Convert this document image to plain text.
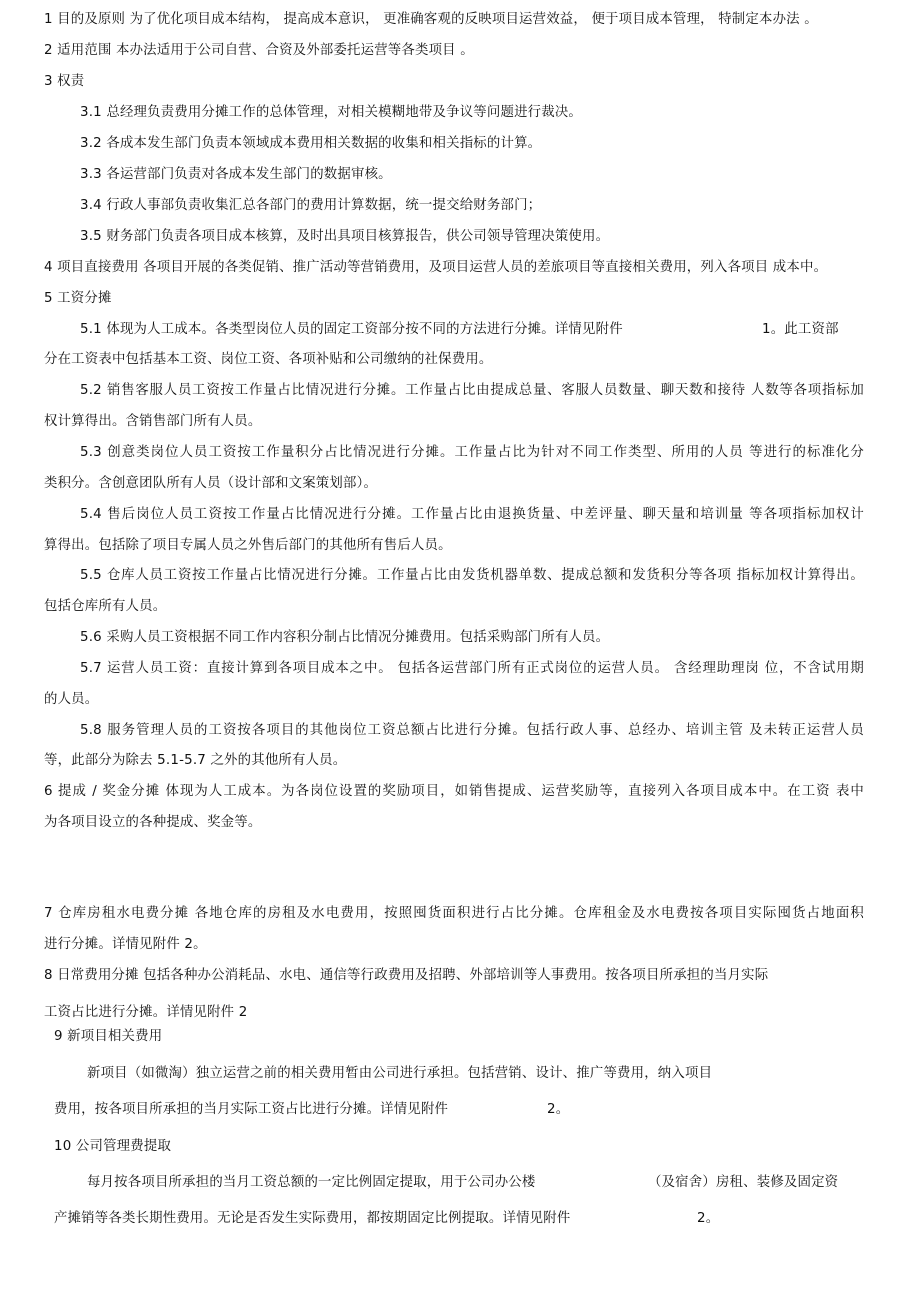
1 目的及原则 为了优化项目成本结构， 提高成本意识， 更准确客观的反映项目运营效益， 便于项目成本管理， 特制定本办法 。

2 适用范围 本办法适用于公司自营、合资及外部委托运营等各类项目 。

3 权责

3.1 总经理负责费用分摊工作的总体管理，对相关模糊地带及争议等问题进行裁决。

3.2 各成本发生部门负责本领域成本费用相关数据的收集和相关指标的计算。

3.3 各运营部门负责对各成本发生部门的数据审核。

3.4 行政人事部负责收集汇总各部门的费用计算数据，统一提交给财务部门；

3.5 财务部门负责各项目成本核算，及时出具项目核算报告，供公司领导管理决策使用。

4 项目直接费用 各项目开展的各类促销、推广活动等营销费用，及项目运营人员的差旅项目等直接相关费用，列入各项目 成本中。

5 工资分摊

5.1 体现为人工成本。各类型岗位人员的固定工资部分按不同的方法进行分摊。详情见附件	1。此工资部

分在工资表中包括基本工资、岗位工资、各项补贴和公司缴纳的社保费用。

5.2 销售客服人员工资按工作量占比情况进行分摊。工作量占比由提成总量、客服人员数量、聊天数和接待 人数等各项指标加

权计算得出。含销售部门所有人员。

5.3 创意类岗位人员工资按工作量积分占比情况进行分摊。工作量占比为针对不同工作类型、所用的人员 等进行的标准化分

类积分。含创意团队所有人员（设计部和文案策划部）。

5.4 售后岗位人员工资按工作量占比情况进行分摊。工作量占比由退换货量、中差评量、聊天量和培训量 等各项指标加权计

算得出。包括除了项目专属人员之外售后部门的其他所有售后人员。

5.5 仓库人员工资按工作量占比情况进行分摊。工作量占比由发货机器单数、提成总额和发货积分等各项 指标加权计算得出。

包括仓库所有人员。

5.6 采购人员工资根据不同工作内容积分制占比情况分摊费用。包括采购部门所有人员。

5.7 运营人员工资：直接计算到各项目成本之中。 包括各运营部门所有正式岗位的运营人员。 含经理助理岗 位，不含试用期

的人员。

5.8 服务管理人员的工资按各项目的其他岗位工资总额占比进行分摊。包括行政人事、总经办、培训主管 及未转正运营人员

等，此部分为除去 5.1-5.7 之外的其他所有人员。

6 提成 / 奖金分摊 体现为人工成本。为各岗位设置的奖励项目，如销售提成、运营奖励等，直接列入各项目成本中。在工资 表中

为各项目设立的各种提成、奖金等。

7 仓库房租水电费分摊 各地仓库的房租及水电费用，按照囤货面积进行占比分摊。仓库租金及水电费按各项目实际囤货占地面积

进行分摊。详情见附件 2。

8 日常费用分摊 包括各种办公消耗品、水电、通信等行政费用及招聘、外部培训等人事费用。按各项目所承担的当月实际

工资占比进行分摊。详情见附件 2

9 新项目相关费用

新项目（如微淘）独立运营之前的相关费用暂由公司进行承担。包括营销、设计、推广等费用，纳入项目

费用，按各项目所承担的当月实际工资占比进行分摊。详情见附件	2。

10 公司管理费提取

每月按各项目所承担的当月工资总额的一定比例固定提取，用于公司办公楼	（及宿舍）房租、装修及固定资

产摊销等各类长期性费用。无论是否发生实际费用，都按期固定比例提取。详情见附件	2。
